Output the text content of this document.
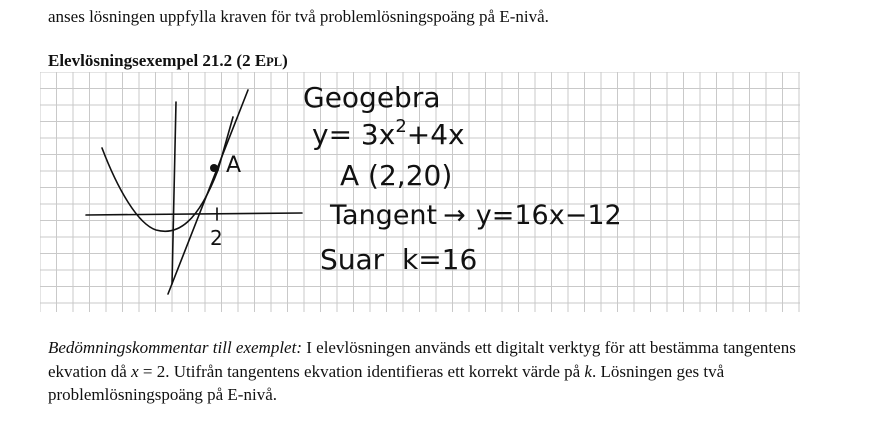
anses lösningen uppfylla kraven för två problemlösningspoäng på E-nivå.
Elevlösningsexempel 21.2 (2 EPL)
A
2
Geogebra
$y= 3x^2+4x$
A (2,20)
Tangent → y=16x−12
Suar  k=16
Bedömningskommentar till exemplet: I elevlösningen används ett digitalt verktyg för att bestämma tangentens ekvation då x = 2. Utifrån tangentens ekvation identifieras ett korrekt värde på k. Lösningen ges två problemlösningspoäng på E-nivå.
